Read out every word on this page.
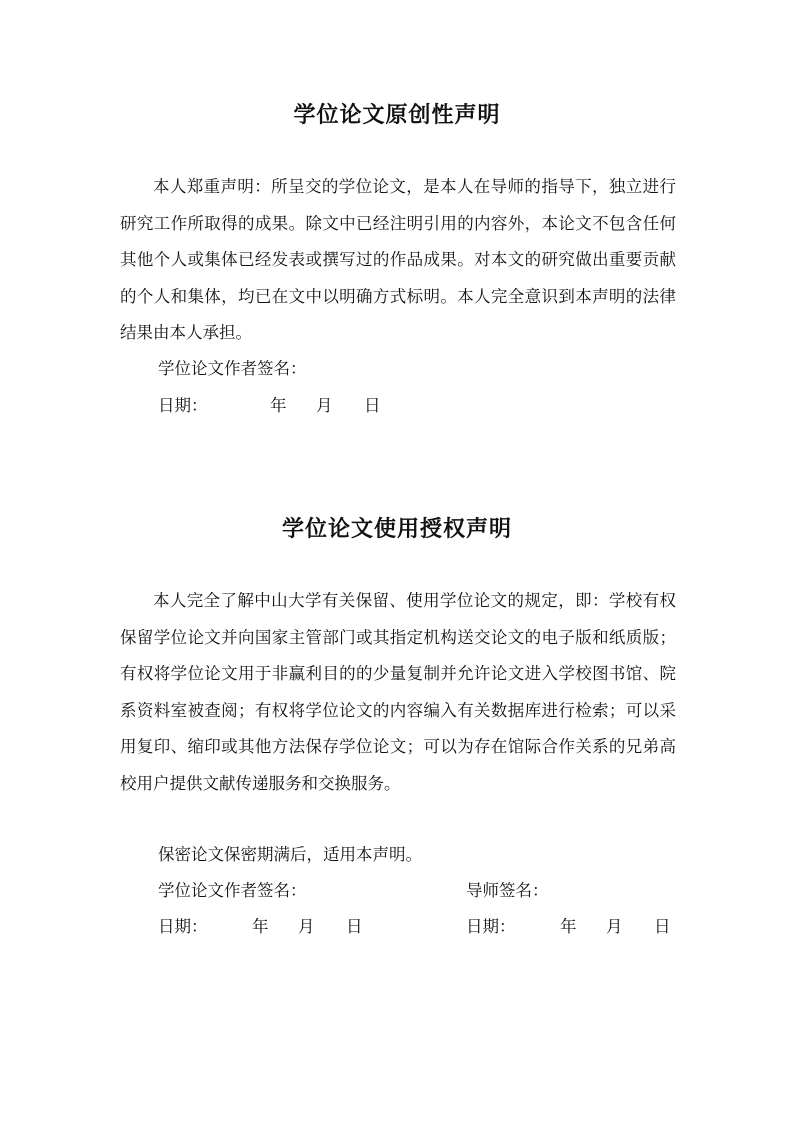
学位论文原创性声明
本人郑重声明：所呈交的学位论文，是本人在导师的指导下，独立进行研究工作所取得的成果。除文中已经注明引用的内容外，本论文不包含任何其他个人或集体已经发表或撰写过的作品成果。对本文的研究做出重要贡献的个人和集体，均已在文中以明确方式标明。本人完全意识到本声明的法律结果由本人承担。
学位论文作者签名：
日期：	年 月 日
学位论文使用授权声明
本人完全了解中山大学有关保留、使用学位论文的规定，即：学校有权保留学位论文并向国家主管部门或其指定机构送交论文的电子版和纸质版；有权将学位论文用于非赢利目的的少量复制并允许论文进入学校图书馆、院系资料室被查阅；有权将学位论文的内容编入有关数据库进行检索；可以采用复印、缩印或其他方法保存学位论文；可以为存在馆际合作关系的兄弟高校用户提供文献传递服务和交换服务。
保密论文保密期满后，适用本声明。
学位论文作者签名：	导师签名：
日期：	年 月 日	日期：	年 月 日
